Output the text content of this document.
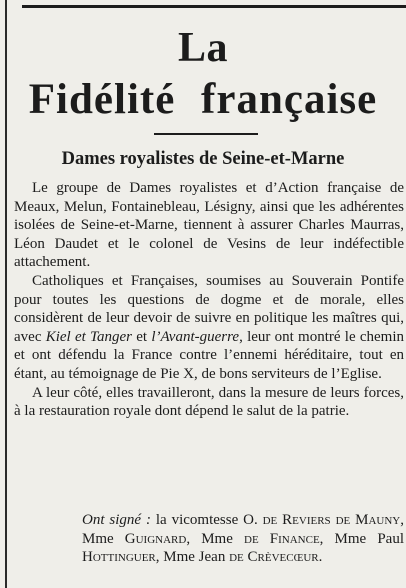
La
Fidélité française
Dames royalistes de Seine-et-Marne

Le groupe de Dames royalistes et d’Action française de Meaux, Melun, Fontainebleau, Lésigny, ainsi que les adhérentes isolées de Seine-et-Marne, tiennent à assurer Charles Maurras, Léon Daudet et le colonel de Vesins de leur indéfectible attachement.

Catholiques et Françaises, soumises au Souverain Pontife pour toutes les questions de dogme et de morale, elles considèrent de leur devoir de suivre en politique les maîtres qui, avec Kiel et Tanger et l’Avant-guerre, leur ont montré le chemin et ont défendu la France contre l’ennemi héréditaire, tout en étant, au témoignage de Pie X, de bons serviteurs de l’Eglise.

A leur côté, elles travailleront, dans la mesure de leurs forces, à la restauration royale dont dépend le salut de la patrie.

Ont signé : la vicomtesse O. de Reviers de Mauny, Mme Guignard, Mme de Finance, Mme Paul Hottinguer, Mme Jean de Crèvecœur.
